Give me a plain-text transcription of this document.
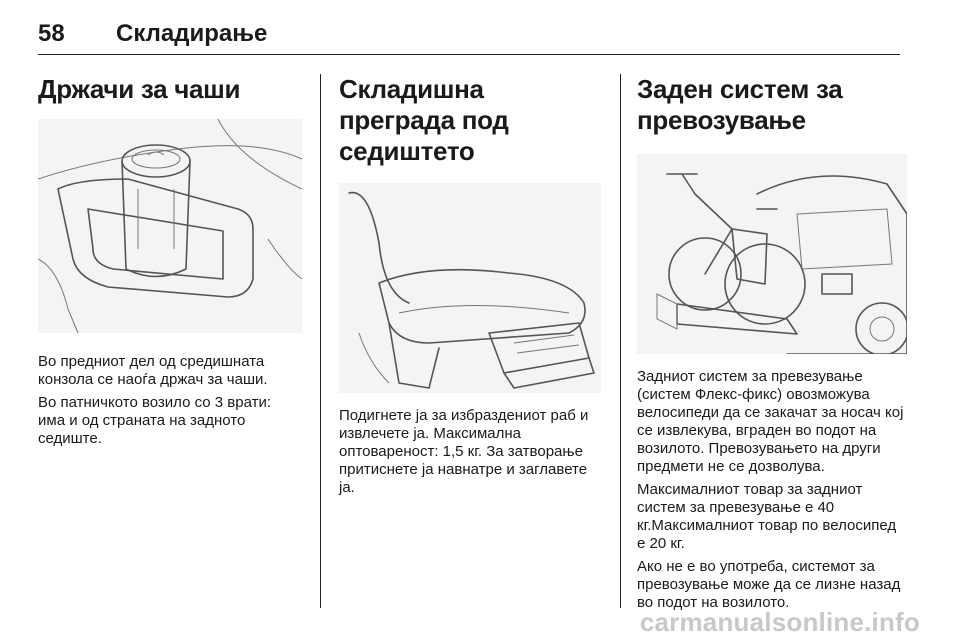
58 Складирање
Држачи за чаши

Во предниот дел од средишната конзола се наоѓа држач за чаши.

Во патничкото возило со 3 врати: има и од страната на задното седиште.

Складишна преграда под седиштето

Подигнете ја за избраздениот раб и извлечете ја. Максимална оптовареност: 1,5 кг. За затворање притиснете ја навнатре и заглавете ја.

Заден систем за превозување

Задниот систем за превезување (систем Флекс-фикс) овозможува велосипеди да се закачат за носач кој се извлекува, вграден во подот на возилото. Превозувањето на други предмети не се дозволува.

Максималниот товар за задниот систем за превезување е 40 кг.Максималниот товар по велосипед е 20 кг.

Ако не е во употреба, системот за превозување може да се лизне назад во подот на возилото.

carmanualsonline.info
